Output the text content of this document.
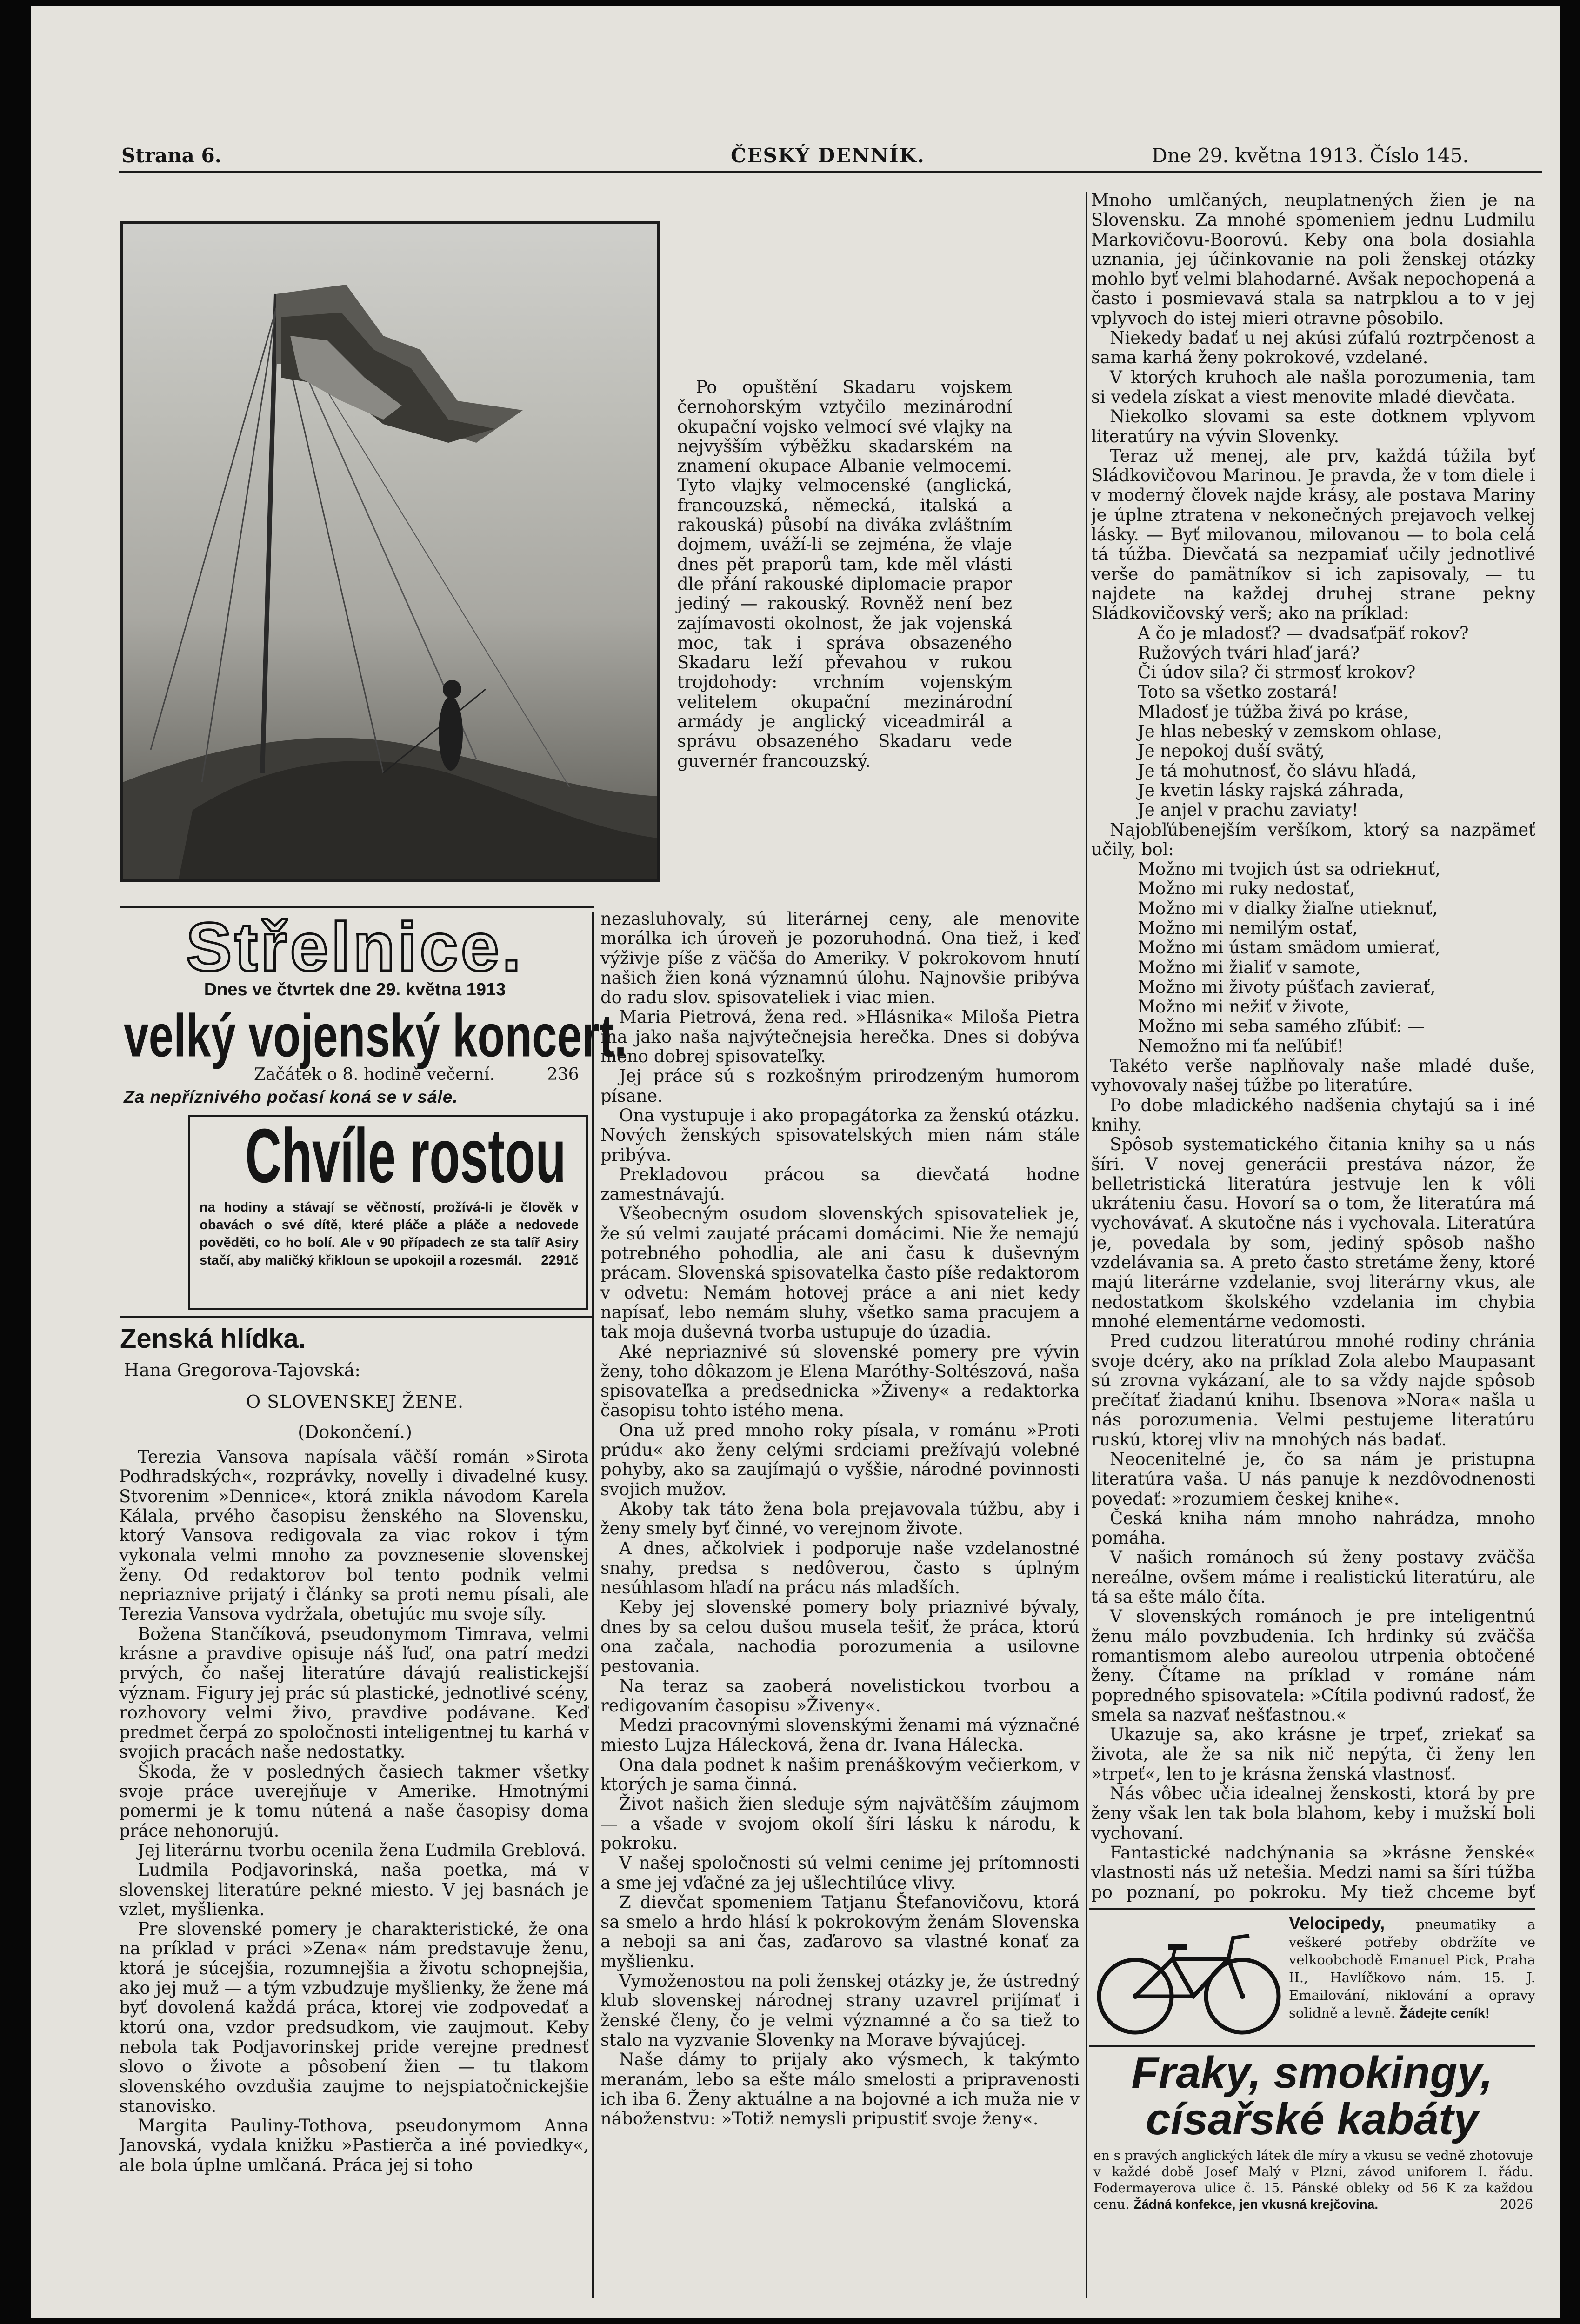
Strana 6.	ČESKÝ DENNÍK.	Dne 29. května 1913. Číslo 145.

Po opuštění Skadaru vojskem černohorským vztyčilo mezinárodní okupační vojsko velmocí své vlajky na nejvyšším výběžku skadarském na znamení okupace Albanie velmocemi. Tyto vlajky velmocenské (anglická, francouzská, německá, italská a rakouská) působí na diváka zvláštním dojmem, uváží-li se zejména, že vlaje dnes pět praporů tam, kde měl vlásti dle přání rakouské diplomacie prapor jediný — rakouský. Rovněž není bez zajímavosti okolnost, že jak vojenská moc, tak i správa obsazeného Skadaru leží převahou v rukou trojdohody: vrchním vojenským velitelem okupační mezinárodní armády je anglický viceadmirál a správu obsazeného Skadaru vede guvernér francouzský.

Střelnice.
Dnes ve čtvrtek dne 29. května 1913
velký vojenský koncert.
Začátek o 8. hodině večerní.	236
Za nepříznivého počasí koná se v sále.
Chvíle rostou
na hodiny a stávají se věčností, prožívá-li je člověk v obavách o své dítě, které pláče a pláče a nedovede pověděti, co ho bolí. Ale v 90 případech ze sta talíř Asiry stačí, aby maličký křikloun se upokojil a rozesmál. 2291č
Zenská hlídka.
Hana Gregorova-Tajovská:
O SLOVENSKEJ ŽENE.
(Dokončení.)

Terezia Vansova napísala väčší román »Sirota Podhradských«, rozprávky, novelly i divadelné kusy. Stvorenim »Dennice«, ktorá znikla návodom Karela Kálala, prvého časopisu ženského na Slovensku, ktorý Vansova redigovala za viac rokov i tým vykonala velmi mnoho za povznesenie slovenskej ženy. Od redaktorov bol tento podnik velmi nepriaznive prijatý i články sa proti nemu písali, ale Terezia Vansova vydržala, obetujúc mu svoje síly.

Božena Stančíková, pseudonymom Timrava, velmi krásne a pravdive opisuje náš ľuď, ona patrí medzi prvých, čo našej literatúre dávajú realistickejší význam. Figury jej prác sú plastické, jednotlivé scény, rozhovory velmi živo, pravdive podávane. Keď predmet čerpá zo spoločnosti inteligentnej tu karhá v svojich pracách naše nedostatky.

Škoda, že v posledných časiech takmer všetky svoje práce uverejňuje v Amerike. Hmotnými pomermi je k tomu nútená a naše časopisy doma práce nehonorujú.

Jej literárnu tvorbu ocenila žena Ľudmila Greblová.

Ludmila Podjavorinská, naša poetka, má v slovenskej literatúre pekné miesto. V jej basnách je vzlet, myšlienka.

Pre slovenské pomery je charakteristické, že ona na príklad v práci »Zena« nám predstavuje ženu, ktorá je súcejšia, rozumnejšia a životu schopnejšia, ako jej muž — a tým vzbudzuje myšlienky, že žene má byť dovolená každá práca, ktorej vie zodpovedať a ktorú ona, vzdor predsudkom, vie zaujmout. Keby nebola tak Podjavorinskej pride verejne prednesť slovo o živote a pôsobení žien — tu tlakom slovenského ovzdušia zaujme to nejspiatočnickejšie stanovisko.

Margita Pauliny-Tothova, pseudonymom Anna Janovská, vydala knižku »Pastierča a iné poviedky«, ale bola úplne umlčaná. Práca jej si toho

nezasluhovaly, sú literárnej ceny, ale menovite morálka ich úroveň je pozoruhodná. Ona tiež, i keď výživje píše z väčša do Ameriky. V pokrokovom hnutí našich žien koná významnú úlohu. Najnovšie pribýva do radu slov. spisovateliek i viac mien.

Maria Pietrová, žena red. »Hlásnika« Miloša Pietra ina jako naša najvýtečnejsia herečka. Dnes si dobýva meno dobrej spisovateľky.

Jej práce sú s rozkošným prirodzeným humorom písane.

Ona vystupuje i ako propagátorka za ženskú otázku. Nových ženských spisovatelských mien nám stále pribýva.

Prekladovou prácou sa dievčatá hodne zamestnávajú.

Všeobecným osudom slovenských spisovateliek je, že sú velmi zaujaté prácami domácimi. Nie že nemajú potrebného pohodlia, ale ani času k duševným prácam. Slovenská spisovatelka často píše redaktorom v odvetu: Nemám hotovej práce a ani niet kedy napísať, lebo nemám sluhy, všetko sama pracujem a tak moja duševná tvorba ustupuje do úzadia.

Aké nepriaznivé sú slovenské pomery pre vývin ženy, toho dôkazom je Elena Maróthy-Soltészová, naša spisovateľka a predsednicka »Živeny« a redaktorka časopisu tohto istého mena.

Ona už pred mnoho roky písala, v románu »Proti prúdu« ako ženy celými srdciami prežívajú volebné pohyby, ako sa zaujímajú o vyššie, národné povinnosti svojich mužov.

Akoby tak táto žena bola prejavovala túžbu, aby i ženy smely byť činné, vo verejnom živote.

A dnes, ačkolviek i podporuje naše vzdelanostné snahy, predsa s nedôverou, často s úplným nesúhlasom hľadí na prácu nás mladších.

Keby jej slovenské pomery boly priaznivé bývaly, dnes by sa celou dušou musela tešiť, že práca, ktorú ona začala, nachodia porozumenia a usilovne pestovania.

Na teraz sa zaoberá novelistickou tvorbou a redigovaním časopisu »Živeny«.

Medzi pracovnými slovenskými ženami má význačné miesto Lujza Hálecková, žena dr. Ivana Hálecka.

Ona dala podnet k našim prenáškovým večierkom, v ktorých je sama činná.

Život našich žien sleduje sým najvätčším záujmom — a všade v svojom okolí šíri lásku k národu, k pokroku.

V našej spoločnosti sú velmi cenime jej prítomnosti a sme jej vďačné za jej ušlechtilúce vlivy.

Z dievčat spomeniem Tatjanu Štefanovičovu, ktorá sa smelo a hrdo hlásí k pokrokovým ženám Slovenska a neboji sa ani čas, zaďarovo sa vlastné konať za myšlienku.

Vymoženostou na poli ženskej otázky je, že ústredný klub slovenskej národnej strany uzavrel prijímať i ženské členy, čo je velmi významné a čo sa tiež to stalo na vyzvanie Slovenky na Morave bývajúcej.

Naše dámy to prijaly ako výsmech, k takýmto meranám, lebo sa ešte málo smelosti a pripravenosti ich iba 6. Ženy aktuálne a na bojovné a ich muža nie v náboženstvu: »Totiž nemysli pripustiť svoje ženy«.

Mnoho umlčaných, neuplatnených žien je na Slovensku. Za mnohé spomeniem jednu Ludmilu Markovičovu-Boorovú. Keby ona bola dosiahla uznania, jej účinkovanie na poli ženskej otázky mohlo byť velmi blahodarné. Avšak nepochopená a často i posmievavá stala sa natrpklou a to v jej vplyvoch do istej mieri otravne pôsobilo.

Niekedy badať u nej akúsi zúfalú roztrpčenost a sama karhá ženy pokrokové, vzdelané.

V ktorých kruhoch ale našla porozumenia, tam si vedela získat a viest menovite mladé dievčata.

Niekolko slovami sa este dotknem vplyvom literatúry na vývin Slovenky.

Teraz už menej, ale prv, každá túžila byť Sládkovičovou Marinou. Je pravda, že v tom diele i v moderný človek najde krásy, ale postava Mariny je úplne ztratena v nekonečných prejavoch velkej lásky. — Byť milovanou, milovanou — to bola celá tá túžba. Dievčatá sa nezpamiať učily jednotlivé verše do pamätníkov si ich zapisovaly, — tu najdete na každej druhej strane pekny Sládkovičovský verš; ako na príklad:

A čo je mladosť? — dvadsaťpäť rokov?
Ružových tvári hlaď jará?
Či údov sila? či strmosť krokov?
Toto sa všetko zostará!
Mladosť je túžba živá po kráse,
Je hlas nebeský v zemskom ohlase,
Je nepokoj duší svätý,
Je tá mohutnosť, čo slávu hľadá,
Je kvetin lásky rajská záhrada,
Je anjel v prachu zaviaty!

Najobľúbenejším veršíkom, ktorý sa nazpämeť učily, bol:

Možno mi tvojich úst sa odriekнuť,
Možno mi ruky nedostať,
Možno mi v dialky žiaľne utieknuť,
Možno mi nemilým ostať,
Možno mi ústam smädom umierať,
Možno mi žialiť v samote,
Možno mi životy púšťach zavierať,
Možno mi nežiť v živote,
Možno mi seba samého zľúbiť: —
Nemožno mi ťa neľúbiť!

Takéto verše naplňovaly naše mladé duše, vyhovovaly našej túžbe po literatúre.

Po dobe mladického nadšenia chytajú sa i iné knihy.

Spôsob systematického čitania knihy sa u nás šíri. V novej generácii prestáva názor, že belletristická literatúra jestvuje len k vôli ukráteniu času. Hovorí sa o tom, že literatúra má vychovávať. A skutočne nás i vychovala. Literatúra je, povedala by som, jediný spôsob našho vzdelávania sa. A preto často stretáme ženy, ktoré majú literárne vzdelanie, svoj literárny vkus, ale nedostatkom školského vzdelania im chybia mnohé elementárne vedomosti.

Pred cudzou literatúrou mnohé rodiny chránia svoje dcéry, ako na príklad Zola alebo Maupasant sú zrovna vykázaní, ale to sa vždy najde spôsob prečítať žiadanú knihu. Ibsenova »Nora« našla u nás porozumenia. Velmi pestujeme literatúru ruskú, ktorej vliv na mnohých nás badať.

Neocenitelné je, čo sa nám je pristupna literatúra vaša. U nás panuje k nezdôvodnenosti povedať: »rozumiem českej knihe«.

Česká kniha nám mnoho nahrádza, mnoho pomáha.

V našich románoch sú ženy postavy zväčša nereálne, ovšem máme i realistickú literatúru, ale tá sa ešte málo číta.

V slovenských románoch je pre inteligentnú ženu málo povzbudenia. Ich hrdinky sú zväčša romantismom alebo aureolou utrpenia obtočené ženy. Čítame na príklad v románe nám popredného spisovatela: »Cítila podivnú radosť, že smela sa nazvať nešťastnou.«

Ukazuje sa, ako krásne je trpeť, zriekať sa života, ale že sa nik nič nepýta, či ženy len »trpeť«, len to je krásna ženská vlastnosť.

Nás vôbec učia idealnej ženskosti, ktorá by pre ženy však len tak bola blahom, keby i mužskí boli vychovaní.

Fantastické nadchýnania sa »krásne ženské« vlastnosti nás už netešia. Medzi nami sa šíri túžba po poznaní, po pokroku. My tiež chceme byť

Velocipedy, pneumatiky a veškeré potřeby obdržíte ve velkoobchodě Emanuel Pick, Praha II., Havlíčkovo nám. 15. J. Emailování, niklování a opravy solidně a levně. Žádejte ceník!
Fraky, smokingy,
císařské kabáty
en s pravých anglických látek dle míry a vkusu se vedně zhotovuje v každé době Josef Malý v Plzni, závod uniforem I. řádu. Fodermayerova ulice č. 15. Pánské obleky od 56 K za každou cenu. Žádná konfekce, jen vkusná krejčovina.	2026
